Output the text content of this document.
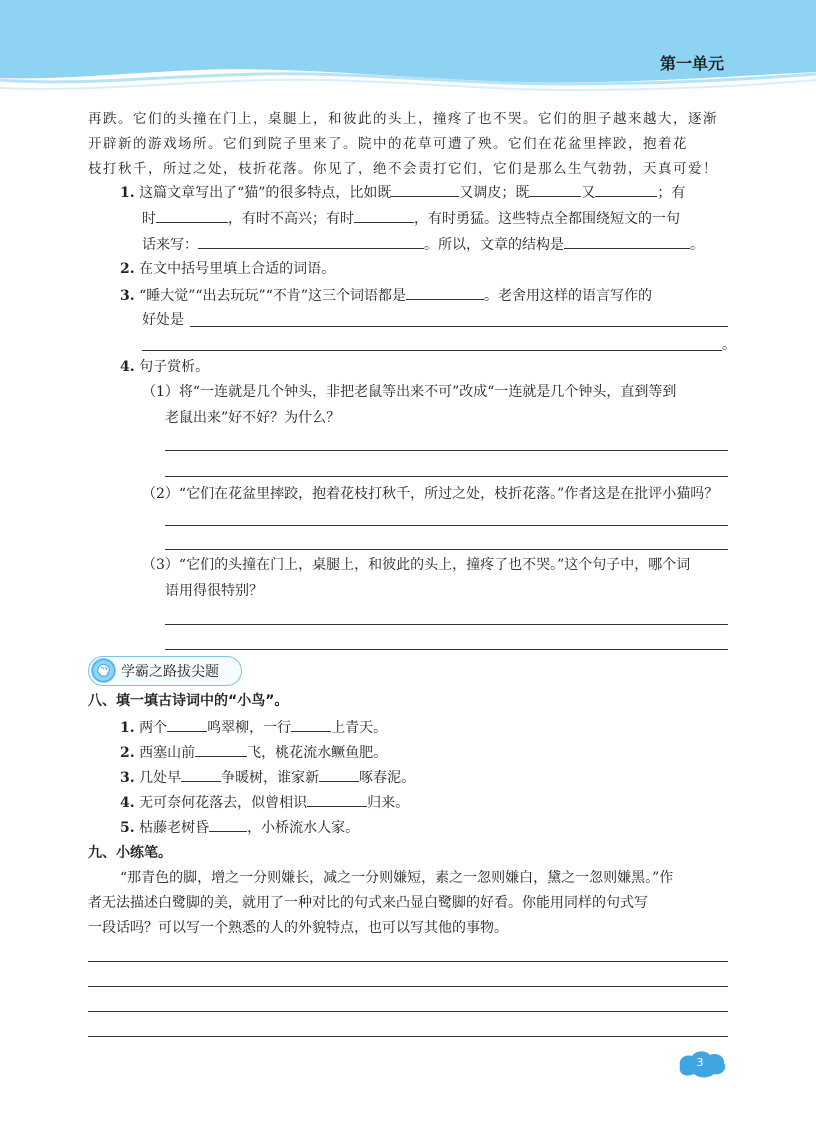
第一单元
再跌。它们的头撞在门上，桌腿上，和彼此的头上，撞疼了也不哭。它们的胆子越来越大，逐渐
开辟新的游戏场所。它们到院子里来了。院中的花草可遭了殃。它们在花盆里摔跤，抱着花
枝打秋千，所过之处，枝折花落。你见了，绝不会责打它们，它们是那么生气勃勃，天真可爱！
1. 这篇文章写出了“猫”的很多特点，比如既	又调皮；既	又	；有
时	，有时不高兴；有时	，有时勇猛。这些特点全都围绕短文的一句
话来写：	。所以，文章的结构是	。
2. 在文中括号里填上合适的词语。
3. “睡大觉”“出去玩玩”“不肯”这三个词语都是	。老舍用这样的语言写作的
好处是
。
4. 句子赏析。
（1）将“一连就是几个钟头，非把老鼠等出来不可”改成“一连就是几个钟头，直到等到
老鼠出来”好不好？为什么？
（2）“它们在花盆里摔跤，抱着花枝打秋千，所过之处，枝折花落。”作者这是在批评小猫吗？
（3）“它们的头撞在门上，桌腿上，和彼此的头上，撞疼了也不哭。”这个句子中，哪个词
语用得很特别？
学霸之路拔尖题
八、填一填古诗词中的“小鸟”。
1. 两个	鸣翠柳，一行	上青天。
2. 西塞山前	飞，桃花流水鳜鱼肥。
3. 几处早	争暖树，谁家新	啄春泥。
4. 无可奈何花落去，似曾相识	归来。
5. 枯藤老树昏	，小桥流水人家。
九、小练笔。
“那青色的脚，增之一分则嫌长，减之一分则嫌短，素之一忽则嫌白，黛之一忽则嫌黑。”作
者无法描述白鹭脚的美，就用了一种对比的句式来凸显白鹭脚的好看。你能用同样的句式写
一段话吗？可以写一个熟悉的人的外貌特点，也可以写其他的事物。
3
